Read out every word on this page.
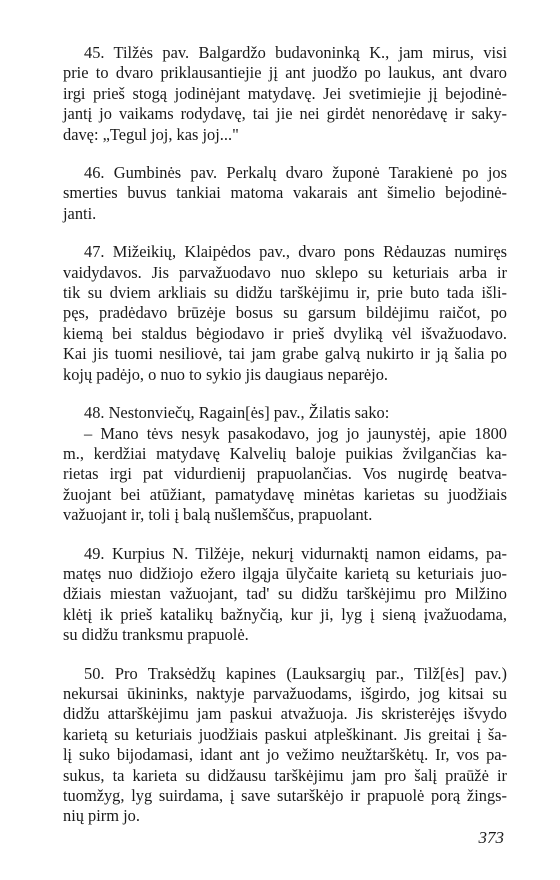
45. Tilžės pav. Balgardžo budavoninką K., jam mirus, visi
prie to dvaro priklausantiejie jį ant juodžo po laukus, ant dvaro
irgi prieš stogą jodinėjant matydavę. Jei svetimiejie jį bejodinė-
jantį jo vaikams rodydavę, tai jie nei girdėt nenorėdavę ir saky-
davę: „Tegul joj, kas joj..."
46. Gumbinės pav. Perkalų dvaro župonė Tarakienė po jos
smerties buvus tankiai matoma vakarais ant šimelio bejodinė-
janti.
47. Mižeikių, Klaipėdos pav., dvaro pons Rėdauzas numiręs
vaidydavos. Jis parvažuodavo nuo sklepo su keturiais arba ir
tik su dviem arkliais su didžu tarškėjimu ir, prie buto tada išli-
pęs, pradėdavo brūzėje bosus su garsum bildėjimu raičot, po
kiemą bei staldus bėgiodavo ir prieš dvyliką vėl išvažuodavo.
Kai jis tuomi nesiliovė, tai jam grabe galvą nukirto ir ją šalia po
kojų padėjo, o nuo to sykio jis daugiaus neparėjo.
48. Nestonviečų, Ragain[ės] pav., Žilatis sako:
– Mano tėvs nesyk pasakodavo, jog jo jaunystėj, apie 1800
m., kerdžiai matydavę Kalvelių baloje puikias žvilgančias ka-
rietas irgi pat vidurdienij prapuolančias. Vos nugirdę beatva-
žuojant bei atūžiant, pamatydavę minėtas karietas su juodžiais
važuojant ir, toli į balą nušlemščus, prapuolant.
49. Kurpius N. Tilžėje, nekurį vidurnaktį namon eidams, pa-
matęs nuo didžiojo ežero ilgąja ūlyčaite karietą su keturiais juo-
džiais miestan važuojant, tad' su didžu tarškėjimu pro Milžino
klėtį ik prieš katalikų bažnyčią, kur ji, lyg į sieną įvažuodama,
su didžu tranksmu prapuolė.
50. Pro Traksėdžų kapines (Lauksargių par., Tilž[ės] pav.)
nekursai ūkininks, naktyje parvažuodams, išgirdo, jog kitsai su
didžu attarškėjimu jam paskui atvažuoja. Jis skristerėjęs išvydo
karietą su keturiais juodžiais paskui atpleškinant. Jis greitai į ša-
lį suko bijodamasi, idant ant jo vežimo neužtarškėtų. Ir, vos pa-
sukus, ta karieta su didžausu tarškėjimu jam pro šalį praūžė ir
tuomžyg, lyg suirdama, į save sutarškėjo ir prapuolė porą žings-
nių pirm jo.
373
